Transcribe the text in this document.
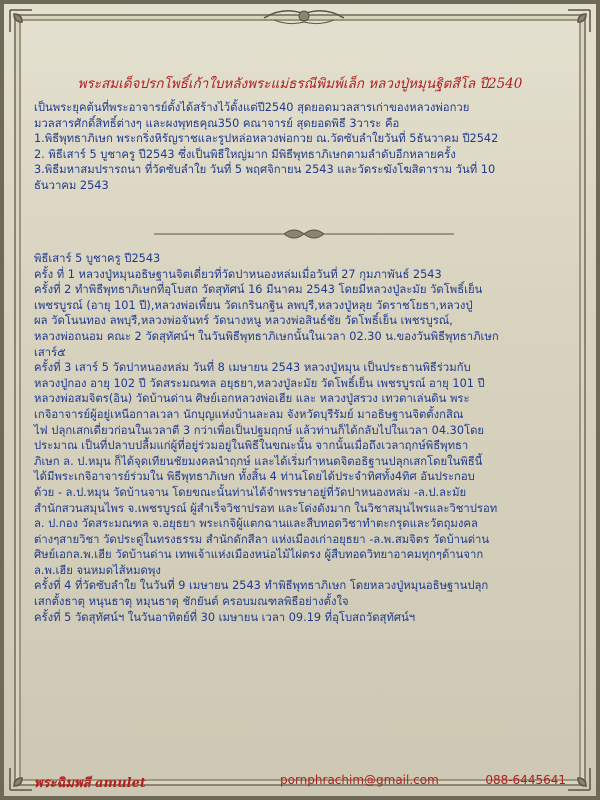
พระสมเด็จปรกโพธิ์เก้าใบหลังพระแม่ธรณีพิมพ์เล็ก หลวงปู่หมุนฐิตสีโล ปี2540

เป็นพระยุคต้นที่พระอาจารย์ตั้งได้สร้างไว้ตั้งแต่ปี2540 สุดยอดมวลสารเก่าของหลวงพ่อกวย

มวลสารศักดิ์สิทธิ์ต่างๆ และผงพุทธคุณ350 คณาจารย์ สุดยอดพิธี 3วาระ คือ

1.พิธีพุทธาภิเษก พระกริ่งหิรัญราชและรูปหล่อหลวงพ่อกวย ณ.วัดซับลำใยวันที่ 5ธันวาคม ปี2542

2. พิธีเสาร์ 5 บูชาครู ปี2543 ซึ่งเป็นพิธีใหญ่มาก มีพิธีพุทธาภิเษกตามลำดับอีกหลายครั้ง

3.พิธีมหาสมปรารถนา ที่วัดซับลำใย วันที่ 5 พฤศจิกายน 2543 และวัดระฆังโฆสิตาราม วันที่ 10

ธันวาคม 2543

พิธีเสาร์ 5 บูชาครู ปี2543

ครั้ง ที่ 1 หลวงปู่หมุนอธิษฐานจิตเดี่ยวที่วัดปาหนองหล่มเมื่อวันที่ 27 กุมภาพันธ์ 2543

ครั้งที่ 2 ทำพิธีพุทธาภิเษกที่อุโบสถ วัดสุทัศน์ 16 มีนาคม 2543 โดยมีหลวงปู่ละมัย วัดโพธิ์เย็น

เพชรบูรณ์ (อายุ 101 ปี),หลวงพ่อเพี้ยน วัดเกรินกฐิน ลพบุรี,หลวงปู่หลุย วัดราชโยธา,หลวงปู่

ผล วัดโนนทอง ลพบุรี,หลวงพ่อจันทร์ วัดนางหนู หลวงพ่อสินธ์ชัย วัดโพธิ์เย็น เพชรบูรณ์,

หลวงพ่อถนอม คณะ 2 วัดสุทัศน์ฯ ในวันพิธีพุทธาภิเษกนั้นในเวลา 02.30 น.ของวันพิธีพุทธาภิเษก

เสาร์๕

ครั้งที่ 3 เสาร์ 5 วัดปาหนองหล่ม วันที่ 8 เมษายน 2543 หลวงปู่หมุน เป็นประธานพิธีร่วมกับ

หลวงปู่กอง อายุ 102 ปี วัดสระมณฑล อยุธยา,หลวงปู่ละมัย วัดโพธิ์เย็น เพชรบูรณ์ อายุ 101 ปี

หลวงพ่อสมจิตร(อิน) วัดบ้านด่าน ศิษย์เอกหลวงพ่อเฮีย และ หลวงปู่สรวง เทวดาเล่นดิน พระ

เกจิอาจารย์ผู้อยู่เหนือกาลเวลา นักบุญแห่งบ้านละลม จังหวัดบุรีรัมย์ มาอธิษฐานจิตตั้งกสิณ

ไฟ ปลุกเสกเดี่ยวก่อนในเวลาตี 3 กว่าเพื่อเป็นปฐมฤกษ์ แล้วท่านก็ได้กลับไปในเวลา 04.30โดย

ประมาณ เป็นที่ปลาบปลื้มแก่ผู้ที่อยู่ร่วมอยู่ในพิธีในขณะนั้น จากนั้นเมื่อถึงเวลาฤกษ์พิธีพุทธา

ภิเษก ล. ป.หมุน ก็ได้จุดเทียนชัยมงคลนำฤกษ์ และได้เริ่มกำหนดจิตอธิฐานปลุกเสกโดยในพิธีนี้

ได้มีพระเกจิอาจารย์ร่วมใน พิธีพุทธาภิเษก ทั้งสิ้น 4 ท่านโดยได้ประจำทิศทั้ง4ทิศ อันประกอบ

ด้วย - ล.ป.หมุน วัดบ้านจาน โดยขณะนั้นท่านได้จำพรรษาอยู่ที่วัดปาหนองหล่ม -ล.ป.ละมัย

สำนักสวนสมุนไพร จ.เพชรบูรณ์ ผู้สำเร็จวิชาปรอท และโด่งดังมาก ในวิชาสมุนไพรและวิชาปรอท

ล. ป.กอง วัดสระมณฑล จ.อยุธยา พระเกจิผู้แตกฉานและสืบทอดวิชาทำตะกรุดและวัตถุมงคล

ต่างๆสายวิชา วัดประดู่ในทรงธรรม สำนักดักสีลา แห่งเมืองเก่าอยุธยา -ล.พ.สมจิตร วัดบ้านด่าน

ศิษย์เอกล.พ.เฮีย วัดบ้านด่าน เทพเจ้าแห่งเมืองหน่อไม้ไผ่ตรง ผู้สืบทอดวิทยาอาคมทุกๆด้านจาก

ล.พ.เฮีย จนหมดไส้หมดพุง

ครั้งที่ 4 ที่วัดซับลำใย ในวันที่ 9 เมษายน 2543 ทำพิธีพุทธาภิเษก โดยหลวงปู่หมุนอธิษฐานปลุก

เสกตั้งธาตุ หนุนธาตุ หมุนธาตุ ชักยันต์ ครอบมณฑลพิธีอย่างตั้งใจ

ครั้งที่ 5 วัดสุทัศน์ฯ ในวันอาทิตย์ที่ 30 เมษายน เวลา 09.19 ที่อุโบสถวัดสุทัศน์ฯ

พระฉิมพลี amulet	pornphrachim@gmail.com	088-6445641
